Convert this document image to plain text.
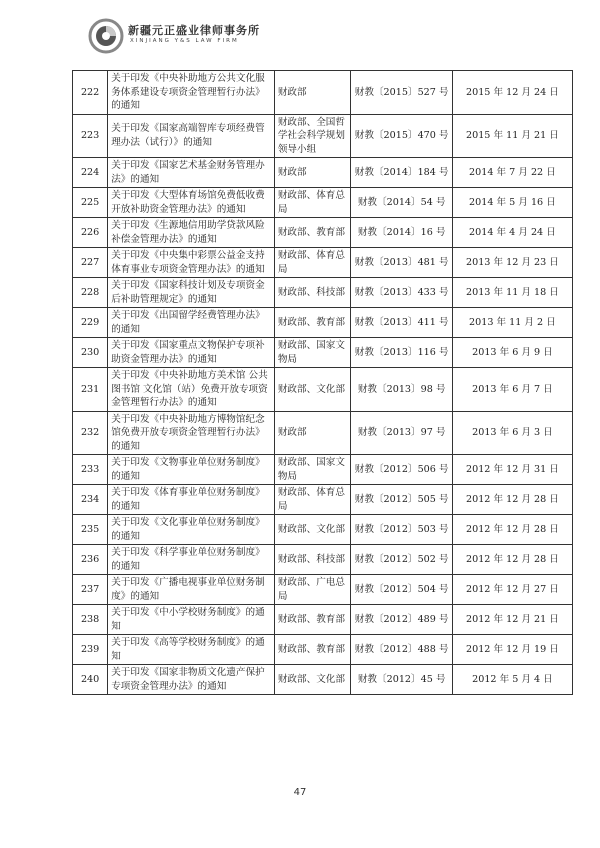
新疆元正盛业律师事务所
XINJIANG Y&S LAW FIRM
222	关于印发《中央补助地方公共文化服务体系建设专项资金管理暂行办法》的通知	财政部	财教〔2015〕527 号	2015 年 12 月 24 日
223	关于印发《国家高端智库专项经费管理办法（试行）》的通知	财政部、全国哲学社会科学规划领导小组	财教〔2015〕470 号	2015 年 11 月 21 日
224	关于印发《国家艺术基金财务管理办法》的通知	财政部	财教〔2014〕184 号	2014 年 7 月 22 日
225	关于印发《大型体育场馆免费低收费开放补助资金管理办法》的通知	财政部、体育总局	财教〔2014〕54 号	2014 年 5 月 16 日
226	关于印发《生源地信用助学贷款风险补偿金管理办法》的通知	财政部、教育部	财教〔2014〕16 号	2014 年 4 月 24 日
227	关于印发《中央集中彩票公益金支持体育事业专项资金管理办法》的通知	财政部、体育总局	财教〔2013〕481 号	2013 年 12 月 23 日
228	关于印发《国家科技计划及专项资金后补助管理规定》的通知	财政部、科技部	财教〔2013〕433 号	2013 年 11 月 18 日
229	关于印发《出国留学经费管理办法》的通知	财政部、教育部	财教〔2013〕411 号	2013 年 11 月 2 日
230	关于印发《国家重点文物保护专项补助资金管理办法》的通知	财政部、国家文物局	财教〔2013〕116 号	2013 年 6 月 9 日
231	关于印发《中央补助地方美术馆 公共图书馆 文化馆（站）免费开放专项资金管理暂行办法》的通知	财政部、文化部	财教〔2013〕98 号	2013 年 6 月 7 日
232	关于印发《中央补助地方博物馆纪念馆免费开放专项资金管理暂行办法》的通知	财政部	财教〔2013〕97 号	2013 年 6 月 3 日
233	关于印发《文物事业单位财务制度》的通知	财政部、国家文物局	财教〔2012〕506 号	2012 年 12 月 31 日
234	关于印发《体育事业单位财务制度》的通知	财政部、体育总局	财教〔2012〕505 号	2012 年 12 月 28 日
235	关于印发《文化事业单位财务制度》的通知	财政部、文化部	财教〔2012〕503 号	2012 年 12 月 28 日
236	关于印发《科学事业单位财务制度》的通知	财政部、科技部	财教〔2012〕502 号	2012 年 12 月 28 日
237	关于印发《广播电视事业单位财务制度》的通知	财政部、广电总局	财教〔2012〕504 号	2012 年 12 月 27 日
238	关于印发《中小学校财务制度》的通知	财政部、教育部	财教〔2012〕489 号	2012 年 12 月 21 日
239	关于印发《高等学校财务制度》的通知	财政部、教育部	财教〔2012〕488 号	2012 年 12 月 19 日
240	关于印发《国家非物质文化遗产保护专项资金管理办法》的通知	财政部、文化部	财教〔2012〕45 号	2012 年 5 月 4 日
47
